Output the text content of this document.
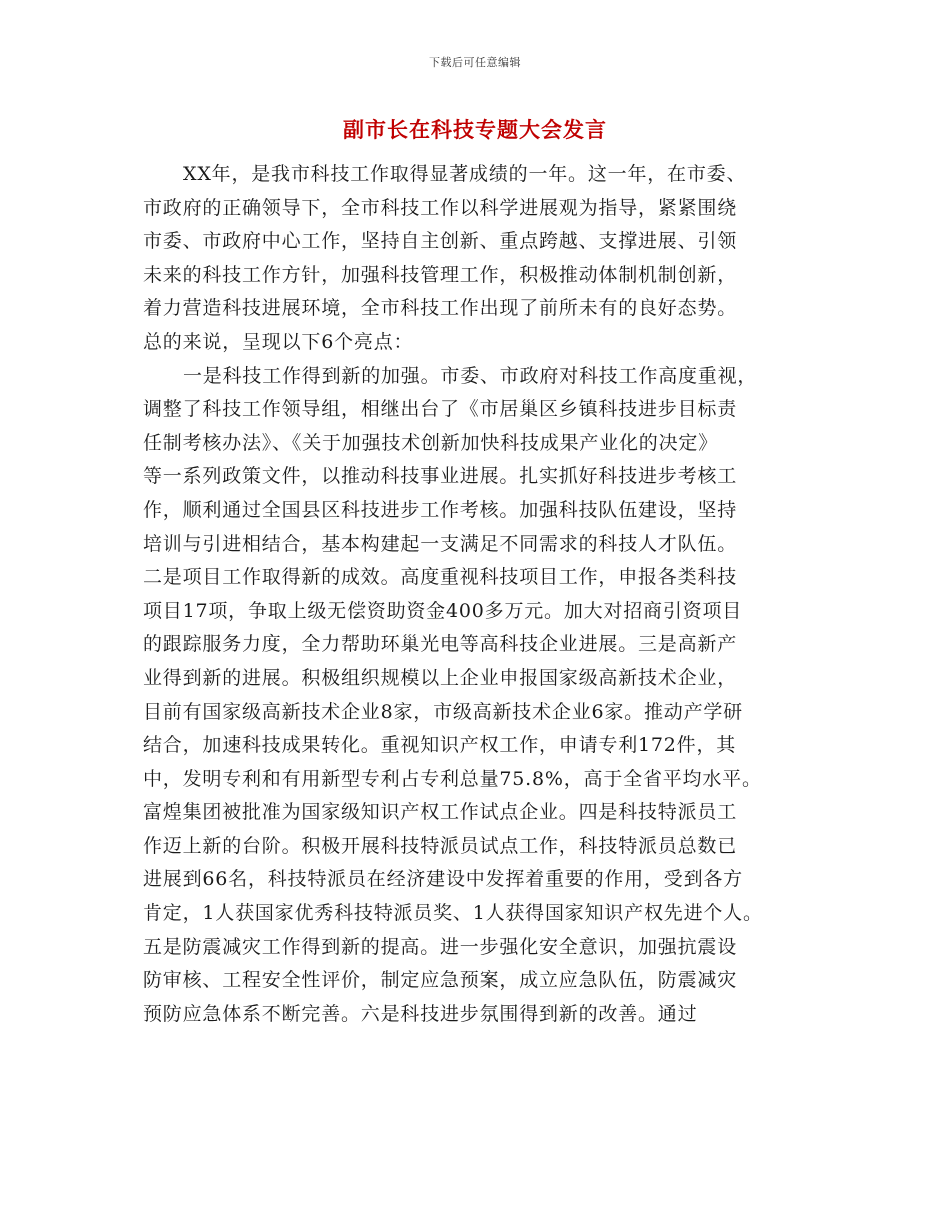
下载后可任意编辑
副市长在科技专题大会发言
XX年，是我市科技工作取得显著成绩的一年。这一年，在市委、
市政府的正确领导下，全市科技工作以科学进展观为指导，紧紧围绕
市委、市政府中心工作，坚持自主创新、重点跨越、支撑进展、引领
未来的科技工作方针，加强科技管理工作，积极推动体制机制创新，
着力营造科技进展环境，全市科技工作出现了前所未有的良好态势。
总的来说，呈现以下6个亮点：
一是科技工作得到新的加强。市委、市政府对科技工作高度重视，
调整了科技工作领导组，相继出台了《市居巢区乡镇科技进步目标责
任制考核办法》、《关于加强技术创新加快科技成果产业化的决定》
等一系列政策文件，以推动科技事业进展。扎实抓好科技进步考核工
作，顺利通过全国县区科技进步工作考核。加强科技队伍建设，坚持
培训与引进相结合，基本构建起一支满足不同需求的科技人才队伍。
二是项目工作取得新的成效。高度重视科技项目工作，申报各类科技
项目17项，争取上级无偿资助资金400多万元。加大对招商引资项目
的跟踪服务力度，全力帮助环巢光电等高科技企业进展。三是高新产
业得到新的进展。积极组织规模以上企业申报国家级高新技术企业，
目前有国家级高新技术企业8家，市级高新技术企业6家。推动产学研
结合，加速科技成果转化。重视知识产权工作，申请专利172件，其
中，发明专利和有用新型专利占专利总量75.8%，高于全省平均水平。
富煌集团被批准为国家级知识产权工作试点企业。四是科技特派员工
作迈上新的台阶。积极开展科技特派员试点工作，科技特派员总数已
进展到66名，科技特派员在经济建设中发挥着重要的作用，受到各方
肯定，1人获国家优秀科技特派员奖、1人获得国家知识产权先进个人。
五是防震减灾工作得到新的提高。进一步强化安全意识，加强抗震设
防审核、工程安全性评价，制定应急预案，成立应急队伍，防震减灾
预防应急体系不断完善。六是科技进步氛围得到新的改善。通过
